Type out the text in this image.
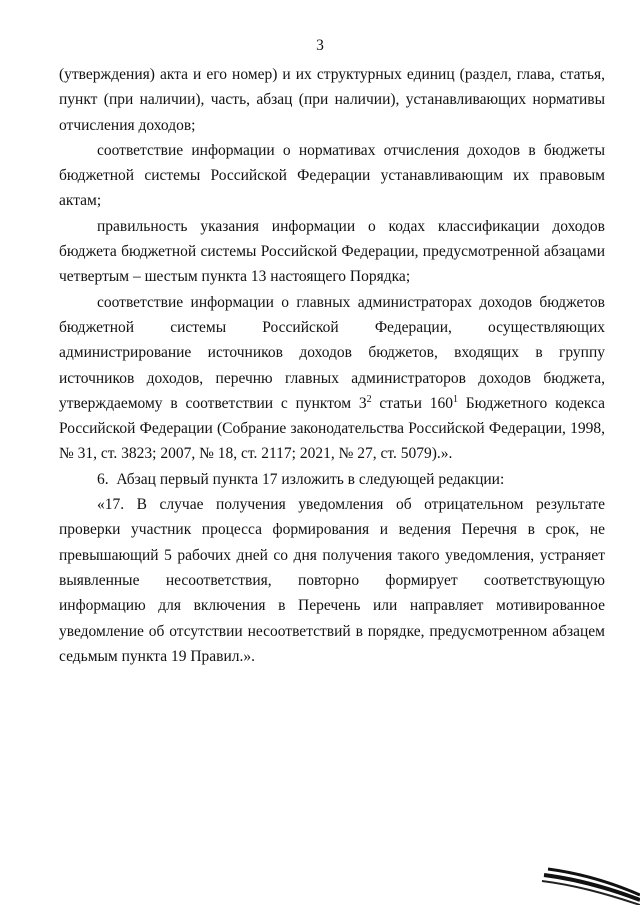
3

(утверждения) акта и его номер) и их структурных единиц (раздел, глава, статья, пункт (при наличии), часть, абзац (при наличии), устанавливающих нормативы отчисления доходов;

соответствие информации о нормативах отчисления доходов в бюджеты бюджетной системы Российской Федерации устанавливающим их правовым актам;

правильность указания информации о кодах классификации доходов бюджета бюджетной системы Российской Федерации, предусмотренной абзацами четвертым – шестым пункта 13 настоящего Порядка;

соответствие информации о главных администраторах доходов бюджетов бюджетной системы Российской Федерации, осуществляющих администрирование источников доходов бюджетов, входящих в группу источников доходов, перечню главных администраторов доходов бюджета, утверждаемому в соответствии с пунктом $3^2$ статьи $160^1$ Бюджетного кодекса Российской Федерации (Собрание законодательства Российской Федерации, 1998, № 31, ст. 3823; 2007, № 18, ст. 2117; 2021, № 27, ст. 5079).».

6.  Абзац первый пункта 17 изложить в следующей редакции:

«17. В случае получения уведомления об отрицательном результате проверки участник процесса формирования и ведения Перечня в срок, не превышающий 5 рабочих дней со дня получения такого уведомления, устраняет выявленные несоответствия, повторно формирует соответствующую информацию для включения в Перечень или направляет мотивированное уведомление об отсутствии несоответствий в порядке, предусмотренном абзацем седьмым пункта 19 Правил.».
